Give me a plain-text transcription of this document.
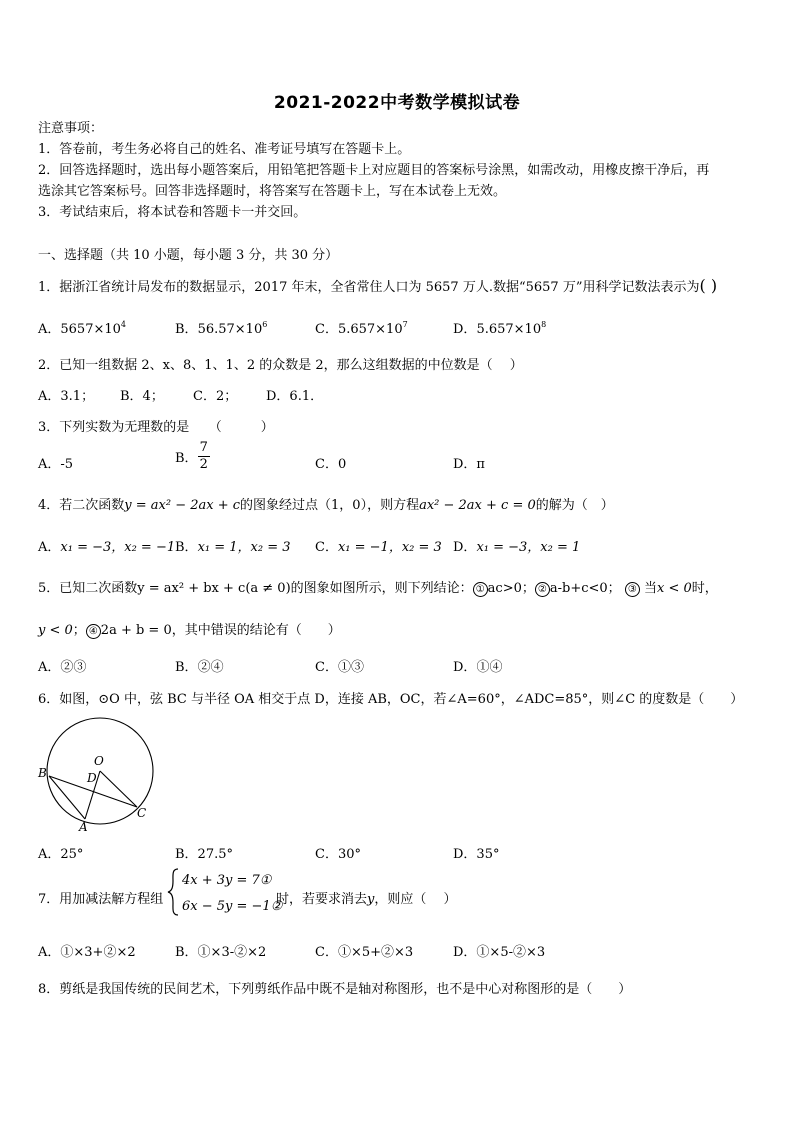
2021-2022中考数学模拟试卷
注意事项：
1．答卷前，考生务必将自己的姓名、准考证号填写在答题卡上。
2．回答选择题时，选出每小题答案后，用铅笔把答题卡上对应题目的答案标号涂黑，如需改动，用橡皮擦干净后，再
选涂其它答案标号。回答非选择题时，将答案写在答题卡上，写在本试卷上无效。
3．考试结束后，将本试卷和答题卡一并交回。
一、选择题（共 10 小题，每小题 3 分，共 30 分）
1．据浙江省统计局发布的数据显示，2017 年末，全省常住人口为 5657 万人.数据“5657 万”用科学记数法表示为( )
A．$5657\times 10^4$	B．$56.57\times 10^6$	C．$5.657\times 10^7$	D．$5.657\times 10^8$
2．已知一组数据 2、x、8、1、1、2 的众数是 2，那么这组数据的中位数是（　 ）
A．3.1； B．4； C．2； D．6.1．
3．下列实数为无理数的是　　（　　　）
A．-5	B． $\frac{7}{2}$	C．0	D．π
4．若二次函数y = ax² − 2ax + c的图象经过点（1，0），则方程ax² − 2ax + c = 0的解为（　）
A．x₁ = −3，x₂ = −1 B．x₁ = 1，x₂ = 3 C．x₁ = −1，x₂ = 3 D．x₁ = −3，x₂ = 1
5．已知二次函数y = ax² + bx + c(a ≠ 0)的图象如图所示，则下列结论： ① ac>0； ② a-b+c<0； ③ 当x < 0时，
y < 0； ④ 2a + b = 0，其中错误的结论有（　　）
A．②③	B．②④	C．①③	D．①④
6．如图，⊙O 中，弦 BC 与半径 OA 相交于点 D，连接 AB，OC，若∠A=60°，∠ADC=85°，则∠C 的度数是（　　）
O
B	D
C
A
A．25°	B．27.5°	C．30°	D．35°
7．用加减法解方程组
4x + 3y = 7①
6x − 5y = −1②
时，若要求消去y，则应（　 ）
A．①×3+②×2	B．①×3-②×2	C．①×5+②×3	D．①×5-②×3
8．剪纸是我国传统的民间艺术，下列剪纸作品中既不是轴对称图形，也不是中心对称图形的是（　　）
